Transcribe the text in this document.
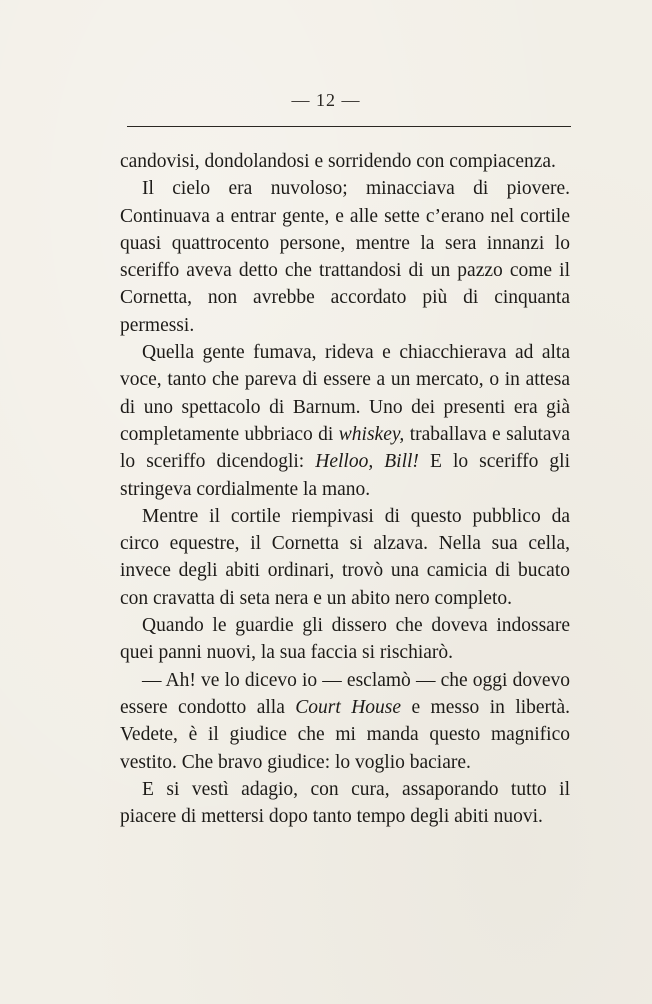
— 12 —

candovisi, dondolandosi e sorridendo con compiacenza.

Il cielo era nuvoloso; minacciava di piovere. Continuava a entrar gente, e alle sette c’erano nel cortile quasi quattrocento persone, mentre la sera innanzi lo sceriffo aveva detto che trattandosi di un pazzo come il Cornetta, non avrebbe accordato più di cinquanta permessi.

Quella gente fumava, rideva e chiacchierava ad alta voce, tanto che pareva di essere a un mercato, o in attesa di uno spettacolo di Barnum. Uno dei presenti era già completamente ubbriaco di whiskey, traballava e salutava lo sceriffo dicendogli: Helloo, Bill! E lo sceriffo gli stringeva cordialmente la mano.

Mentre il cortile riempivasi di questo pubblico da circo equestre, il Cornetta si alzava. Nella sua cella, invece degli abiti ordinari, trovò una camicia di bucato con cravatta di seta nera e un abito nero completo.

Quando le guardie gli dissero che doveva indossare quei panni nuovi, la sua faccia si rischiarò.

— Ah! ve lo dicevo io — esclamò — che oggi dovevo essere condotto alla Court House e messo in libertà. Vedete, è il giudice che mi manda questo magnifico vestito. Che bravo giudice: lo voglio baciare.

E si vestì adagio, con cura, assaporando tutto il piacere di mettersi dopo tanto tempo degli abiti nuovi.
